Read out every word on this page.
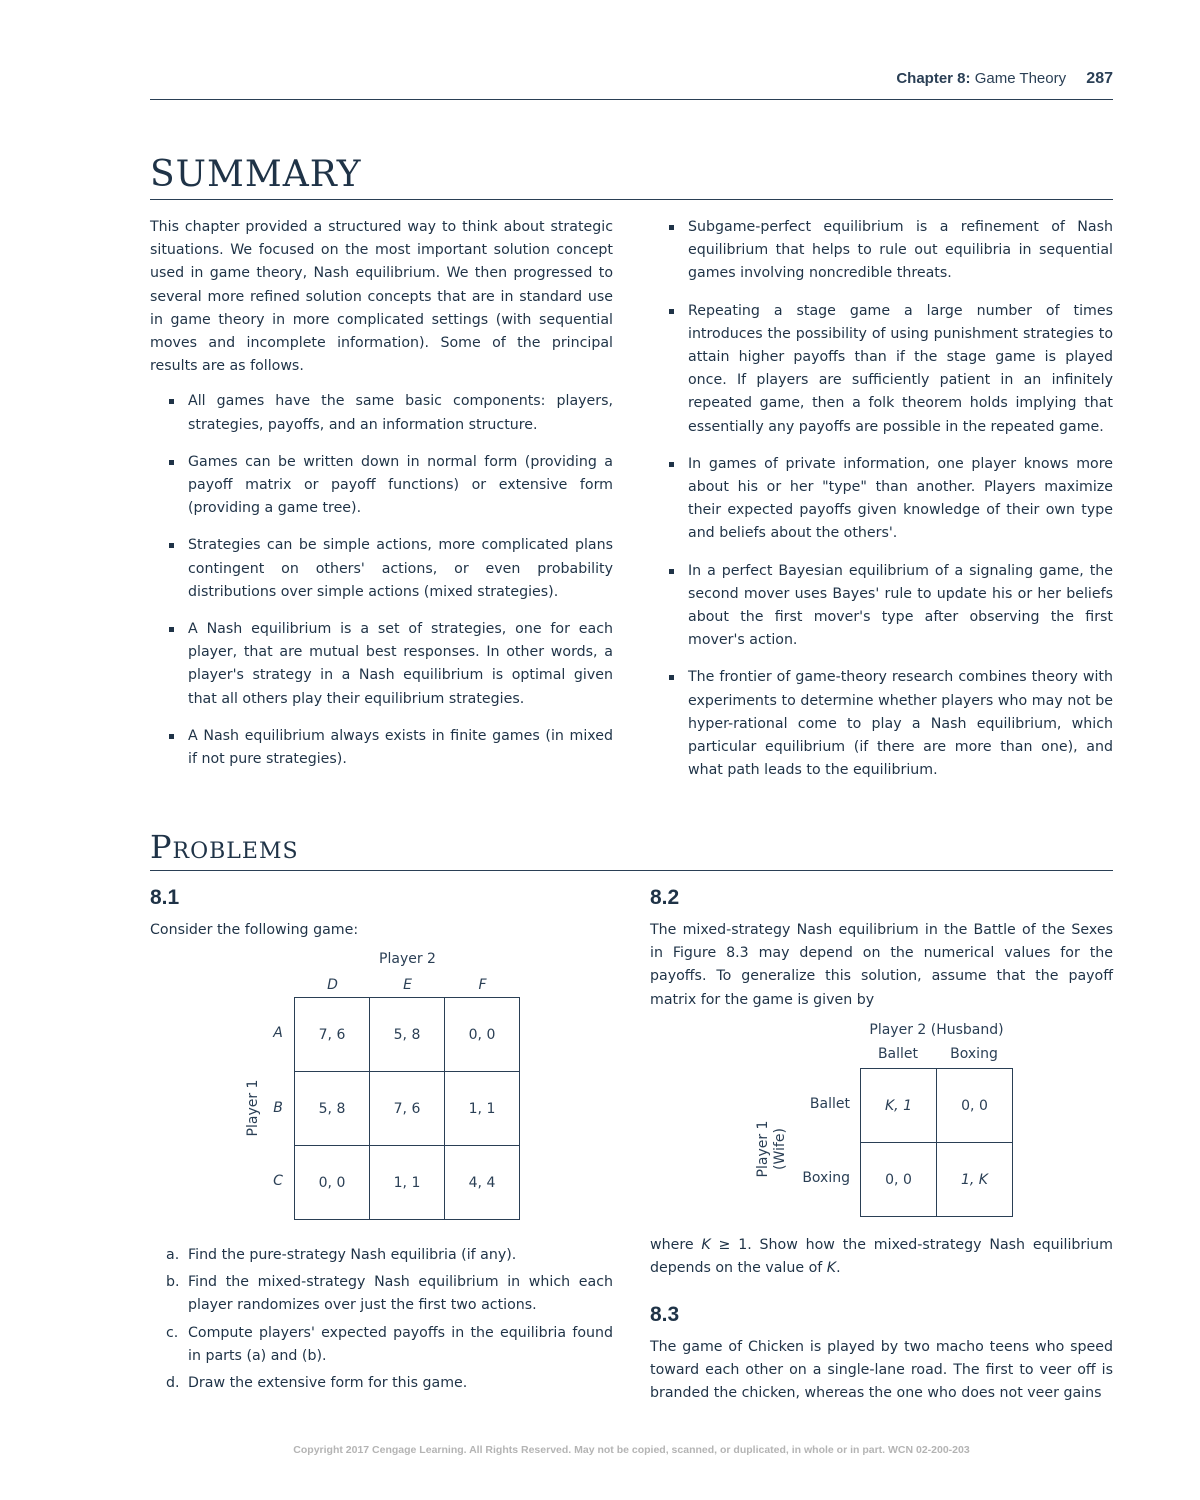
Chapter 8: Game Theory 287
SUMMARY

This chapter provided a structured way to think about strategic situations. We focused on the most important solution concept used in game theory, Nash equilibrium. We then progressed to several more refined solution concepts that are in standard use in game theory in more complicated settings (with sequential moves and incomplete information). Some of the principal results are as follows.

All games have the same basic components: players, strategies, payoffs, and an information structure.
Games can be written down in normal form (providing a payoff matrix or payoff functions) or extensive form (providing a game tree).
Strategies can be simple actions, more complicated plans contingent on others' actions, or even probability distributions over simple actions (mixed strategies).
A Nash equilibrium is a set of strategies, one for each player, that are mutual best responses. In other words, a player's strategy in a Nash equilibrium is optimal given that all others play their equilibrium strategies.
A Nash equilibrium always exists in finite games (in mixed if not pure strategies).
Subgame-perfect equilibrium is a refinement of Nash equilibrium that helps to rule out equilibria in sequential games involving noncredible threats.
Repeating a stage game a large number of times introduces the possibility of using punishment strategies to attain higher payoffs than if the stage game is played once. If players are sufficiently patient in an infinitely repeated game, then a folk theorem holds implying that essentially any payoffs are possible in the repeated game.
In games of private information, one player knows more about his or her "type" than another. Players maximize their expected payoffs given knowledge of their own type and beliefs about the others'.
In a perfect Bayesian equilibrium of a signaling game, the second mover uses Bayes' rule to update his or her beliefs about the first mover's type after observing the first mover's action.
The frontier of game-theory research combines theory with experiments to determine whether players who may not be hyper-rational come to play a Nash equilibrium, which particular equilibrium (if there are more than one), and what path leads to the equilibrium.
Problems
8.1
Consider the following game:
Player 2
D	E	F
Player 1
A
B
C
7, 6	5, 8	0, 0
5, 8	7, 6	1, 1
0, 0	1, 1	4, 4
a. Find the pure-strategy Nash equilibria (if any).
b. Find the mixed-strategy Nash equilibrium in which each player randomizes over just the first two actions.
c. Compute players' expected payoffs in the equilibria found in parts (a) and (b).
d. Draw the extensive form for this game.
8.2
The mixed-strategy Nash equilibrium in the Battle of the Sexes in Figure 8.3 may depend on the numerical values for the payoffs. To generalize this solution, assume that the payoff matrix for the game is given by
Player 2 (Husband)
Ballet	Boxing
Player 1 (Wife)
Ballet
Boxing
K, 1	0, 0
0, 0	1, K
where K ≥ 1. Show how the mixed-strategy Nash equilibrium depends on the value of K.
8.3
The game of Chicken is played by two macho teens who speed toward each other on a single-lane road. The first to veer off is branded the chicken, whereas the one who does not veer gains
Copyright 2017 Cengage Learning. All Rights Reserved. May not be copied, scanned, or duplicated, in whole or in part. WCN 02-200-203
